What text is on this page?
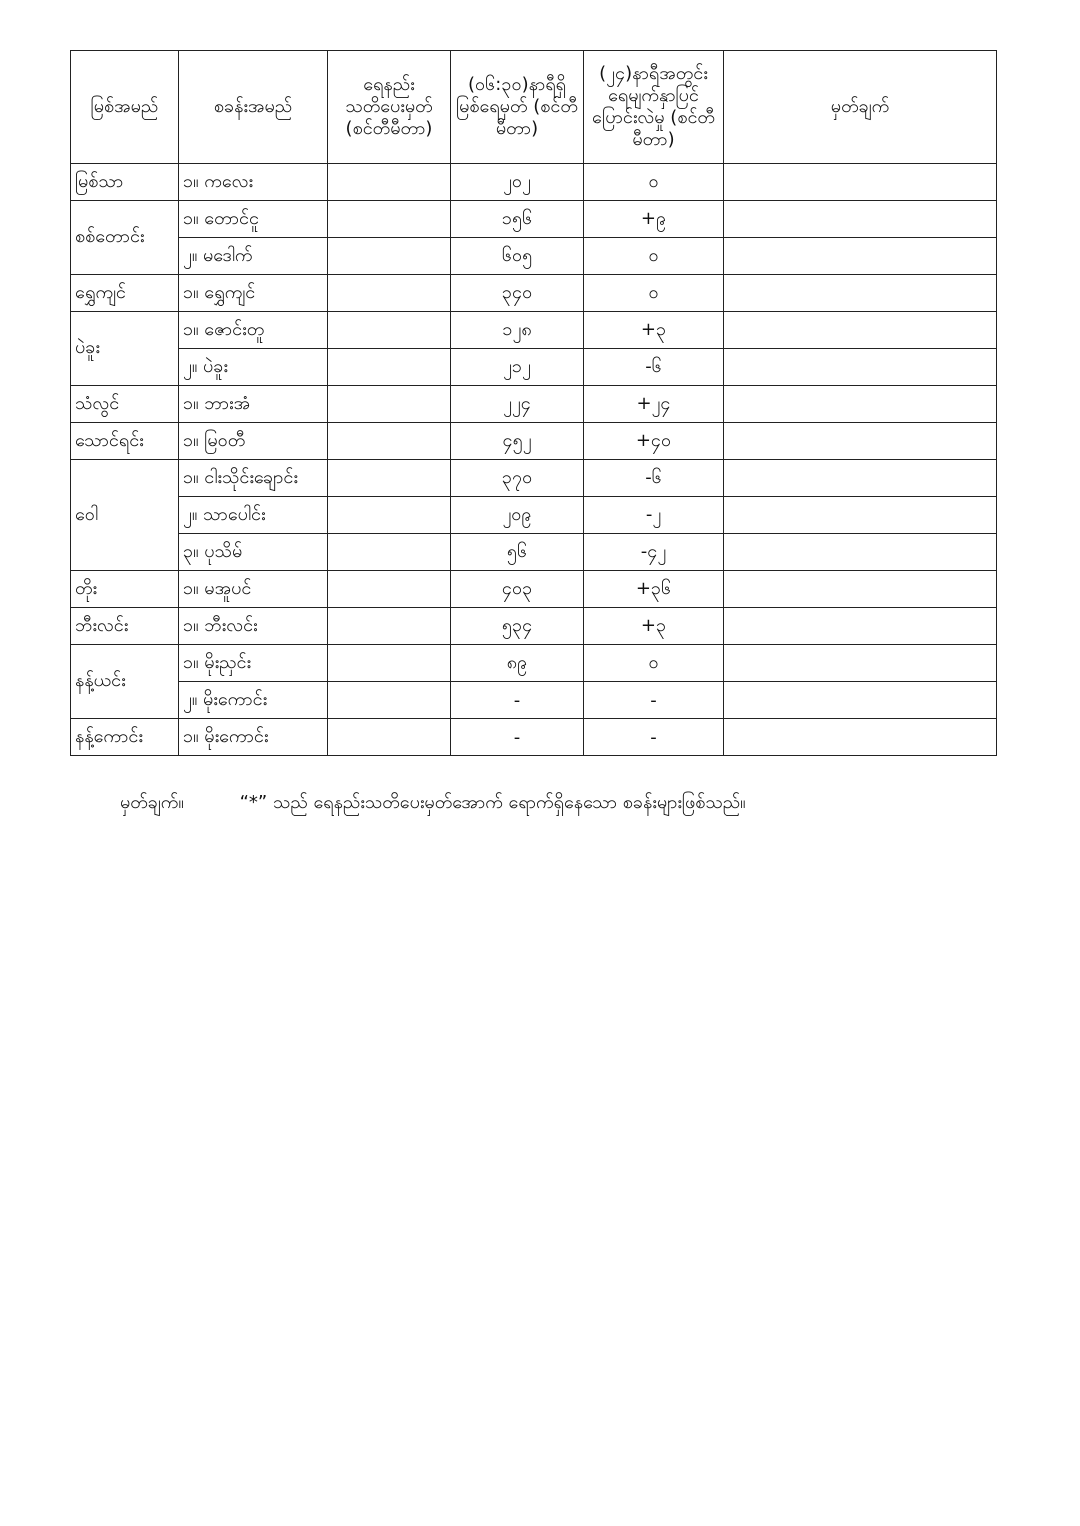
မြစ်အမည်	စခန်းအမည်	ရေနည်း သတိပေးမှတ် (စင်တီမီတာ)	(၀၆:၃၀)နာရီရှိ မြစ်ရေမှတ် (စင်တီမီတာ)	(၂၄)နာရီအတွင်း ရေမျက်နှာပြင် ပြောင်းလဲမှု (စင်တီမီတာ)	မှတ်ချက်
မြစ်သာ	၁။ ကလေး		၂၀၂	၀	
စစ်တောင်း	၁။ တောင်ငူ		၁၅၆	+၉	
	၂။ မဒေါက်		၆၀၅	၀	
ရွှေကျင်	၁။ ရွှေကျင်		၃၄၀	၀	
ပဲခူး	၁။ ဇောင်းတူ		၁၂၈	+၃	
	၂။ ပဲခူး		၂၁၂	-၆	
သံလွင်	၁။ ဘားအံ		၂၂၄	+၂၄	
သောင်ရင်း	၁။ မြဝတီ		၄၅၂	+၄၀	
ဝေါ	၁။ ငါးသိုင်းချောင်း		၃၇၀	-၆	
	၂။ သာပေါင်း		၂၀၉	-၂	
	၃။ ပုသိမ်		၅၆	-၄၂	
တိုး	၁။ မအူပင်		၄၀၃	+၃၆	
ဘီးလင်း	၁။ ဘီးလင်း		၅၃၄	+၃	
နန့်ယင်း	၁။ မိုးညှင်း		၈၉	၀	
	၂။ မိုးကောင်း		-	-	
နန့်ကောင်း	၁။ မိုးကောင်း		-	-	
မှတ်ချက်။	“*” သည် ရေနည်းသတိပေးမှတ်အောက် ရောက်ရှိနေသော စခန်းများဖြစ်သည်။
